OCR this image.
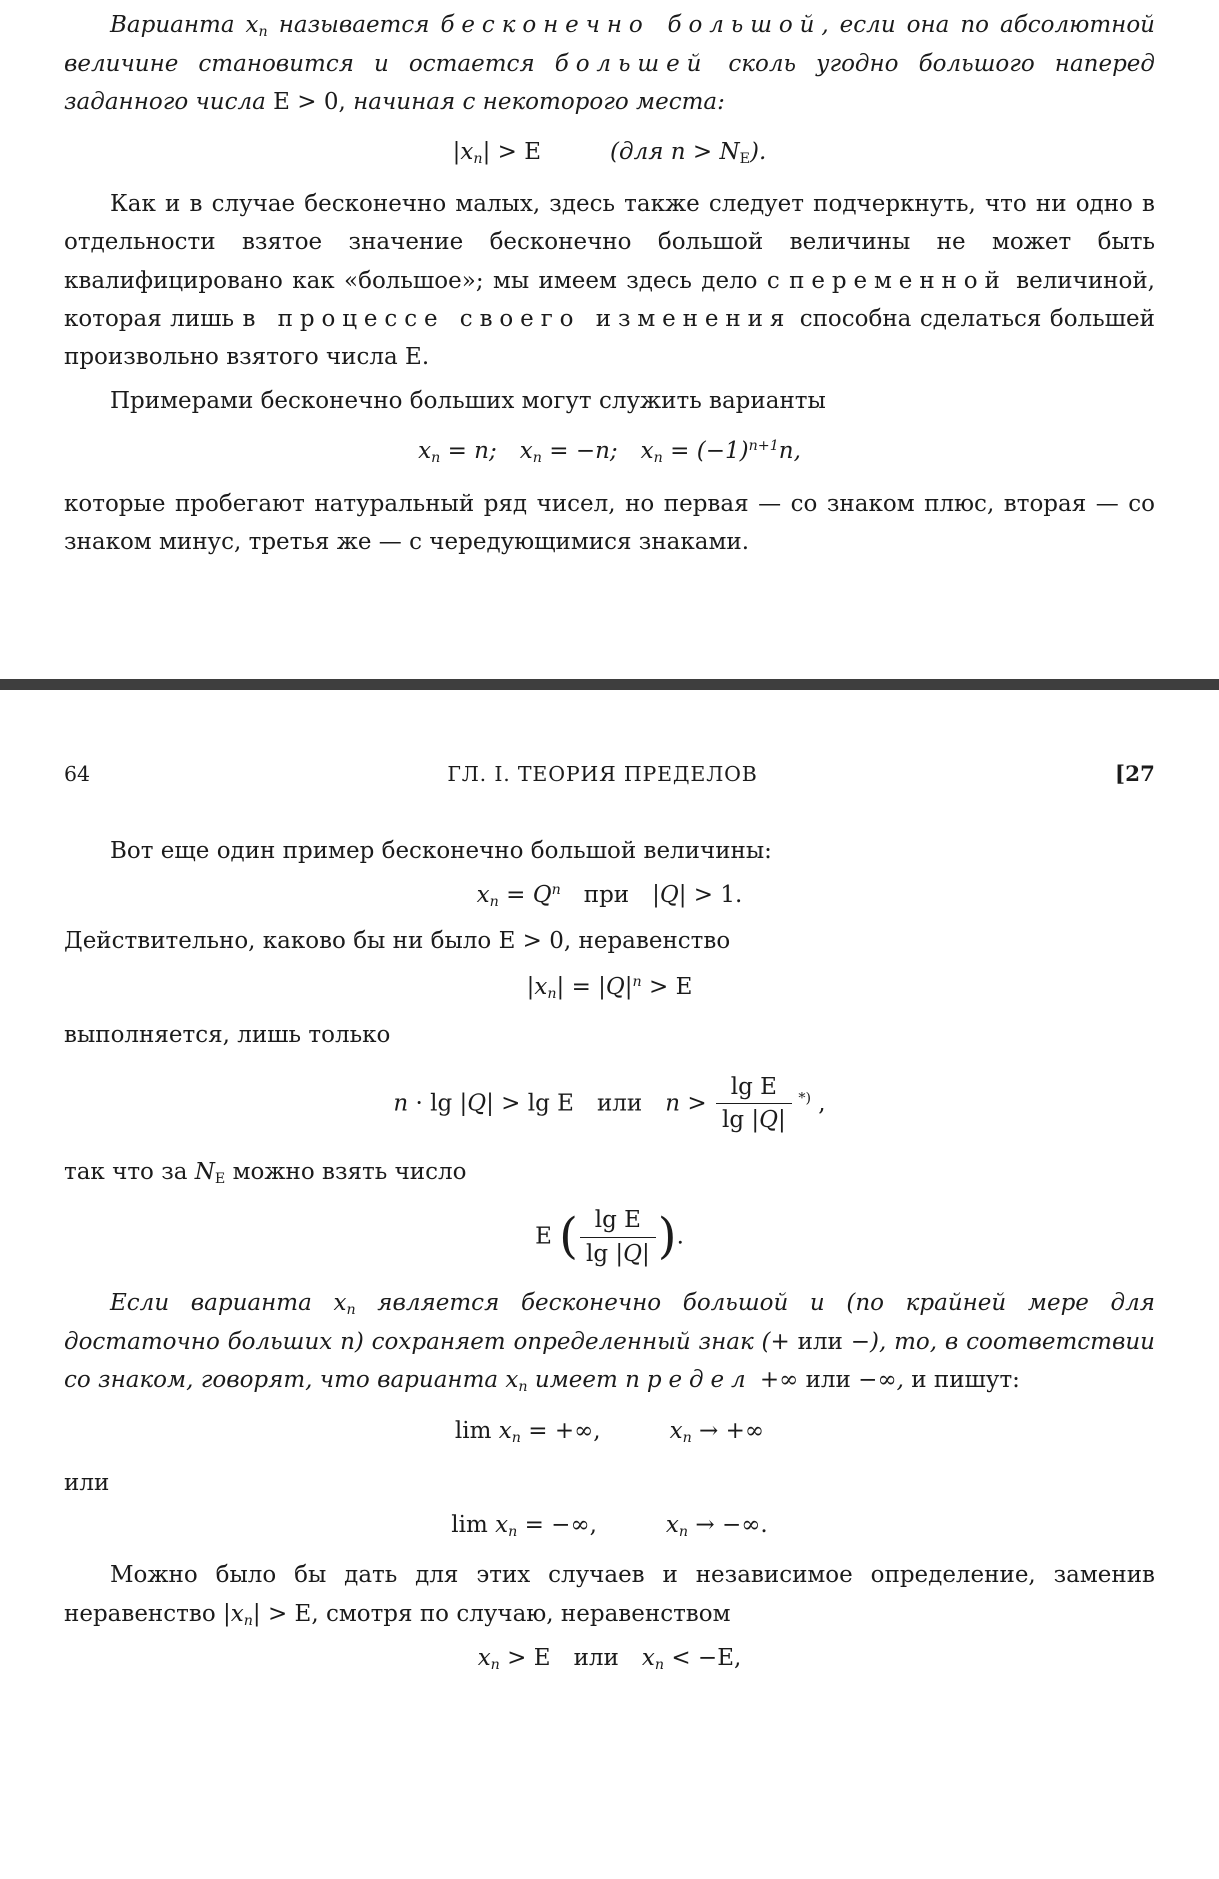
Варианта $x_n$ называется бесконечно большой, если она по абсолютной величине становится и остается большей сколь угодно большого наперед заданного числа E > 0, начиная с некоторого места:

$|x_n| > E$   (для $n > N_E$).

Как и в случае бесконечно малых, здесь также следует подчеркнуть, что ни одно в отдельности взятое значение бесконечно большой величины не может быть квалифицировано как «большое»; мы имеем здесь дело с переменной величиной, которая лишь в процессе своего изменения способна сделаться большей произвольно взятого числа E.

Примерами бесконечно больших могут служить варианты

$x_n = n$;  $x_n = -n$;  $x_n = (-1)^{n+1}n$,

которые пробегают натуральный ряд чисел, но первая — со знаком плюс, вторая — со знаком минус, третья же — с чередующимися знаками.

64	ГЛ. I. ТЕОРИЯ ПРЕДЕЛОВ	[27

Вот еще один пример бесконечно большой величины:

$x_n = Q^n$  при  |Q| > 1.

Действительно, каково бы ни было E > 0, неравенство

$|x_n| = |Q|^n > E$

выполняется, лишь только

n · lg |Q| > lg E  или  $n > \frac{\text{lg E}}{\lg |Q|}$
  *) ,

так что за $N_E$ можно взять число

E ( $\frac{\text{lg E}}{\lg |Q|}$ ).

Если варианта $x_n$ является бесконечно большой и (по крайней мере для достаточно больших n) сохраняет определенный знак (+ или −), то, в соответствии со знаком, говорят, что варианта $x_n$ имеет предел +∞ или −∞, и пишут:

$\lim x_n$ = +∞,   	$x_n$ → +∞

или

$\lim x_n$ = −∞,   	$x_n$ → −∞.

Можно было бы дать для этих случаев и независимое определение, заменив неравенство $|x_n| > E$, смотря по случаю, неравенством

$x_n > E$  или  $x_n < -E$,
